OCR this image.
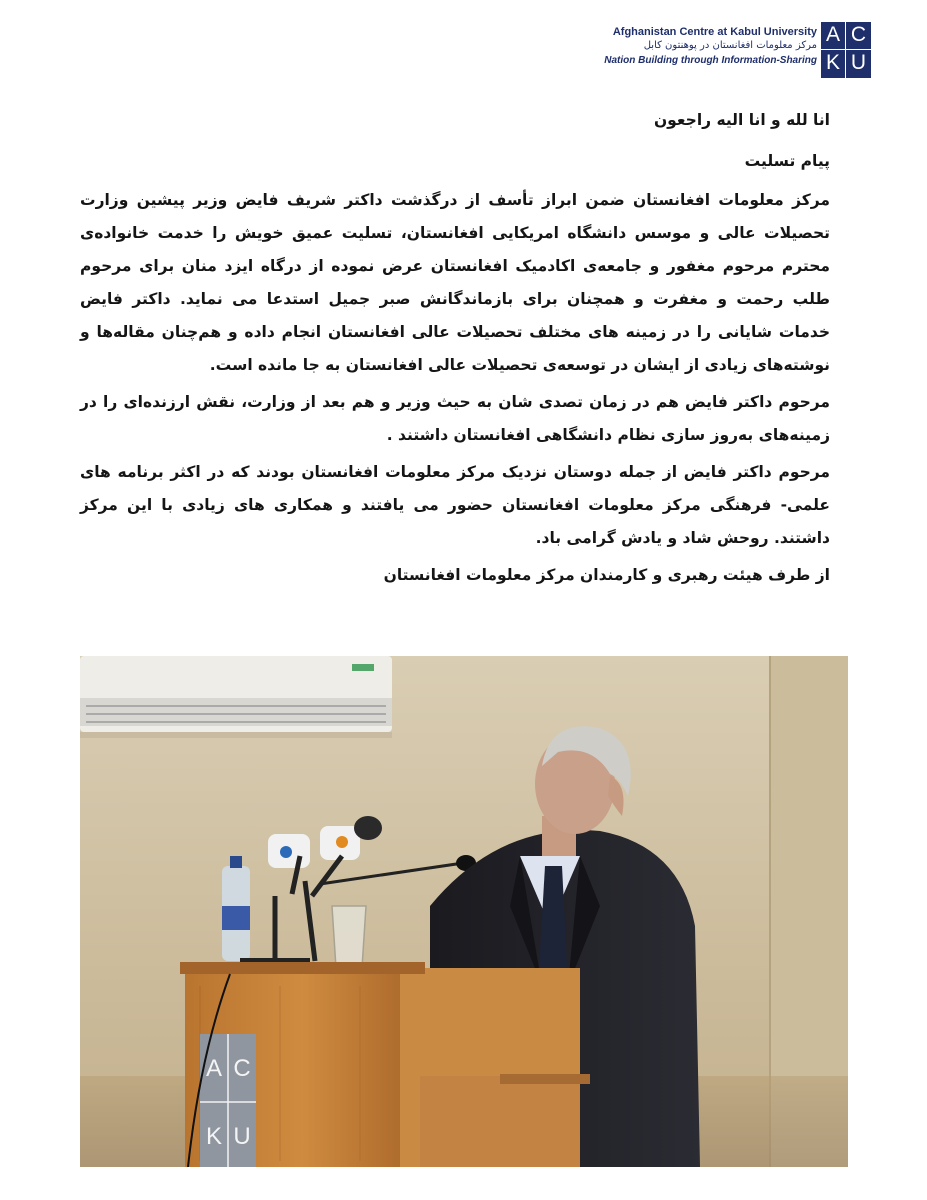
Afghanistan Centre at Kabul University
مرکز معلومات افغانستان در پوهنتون کابل
Nation Building through Information-Sharing
A C
K U

انا لله و انا الیه راجعون

پیام تسلیت

مرکز معلومات افغانستان ضمن ابراز تأسف از درگذشت داکتر شریف فایض وزیر پیشین وزارت تحصیلات عالی و موسس دانشگاه امریکایی افغانستان، تسلیت عمیق خویش را خدمت خانواده‌ی محترم مرحوم مغفور و جامعه‌ی اکادمیک افغانستان عرض نموده از درگاه ایزد منان برای مرحوم طلب رحمت و مغفرت و همچنان برای بازماندگانش صبر جمیل استدعا می نماید. داکتر فایض خدمات شایانی را در زمینه های مختلف تحصیلات عالی افغانستان انجام داده و هم‌چنان مقاله‌ها و نوشته‌های زیادی از ایشان در توسعه‌ی تحصیلات عالی افغانستان به جا مانده است.

مرحوم داکتر فایض هم در زمان تصدی شان به حیث وزیر و هم بعد از وزارت، نقش ارزنده‌ای را در زمینه‌های به‌روز سازی نظام دانشگاهی افغانستان داشتند .

مرحوم داکتر فایض از جمله دوستان نزدیک مرکز معلومات افغانستان بودند که در اکثر برنامه های علمی- فرهنگی مرکز معلومات افغانستان حضور می یافتند و همکاری های زیادی با این مرکز داشتند. روحش شاد و یادش گرامی باد.

از طرف هیئت رهبری و کارمندان مرکز معلومات افغانستان

A C
K U
